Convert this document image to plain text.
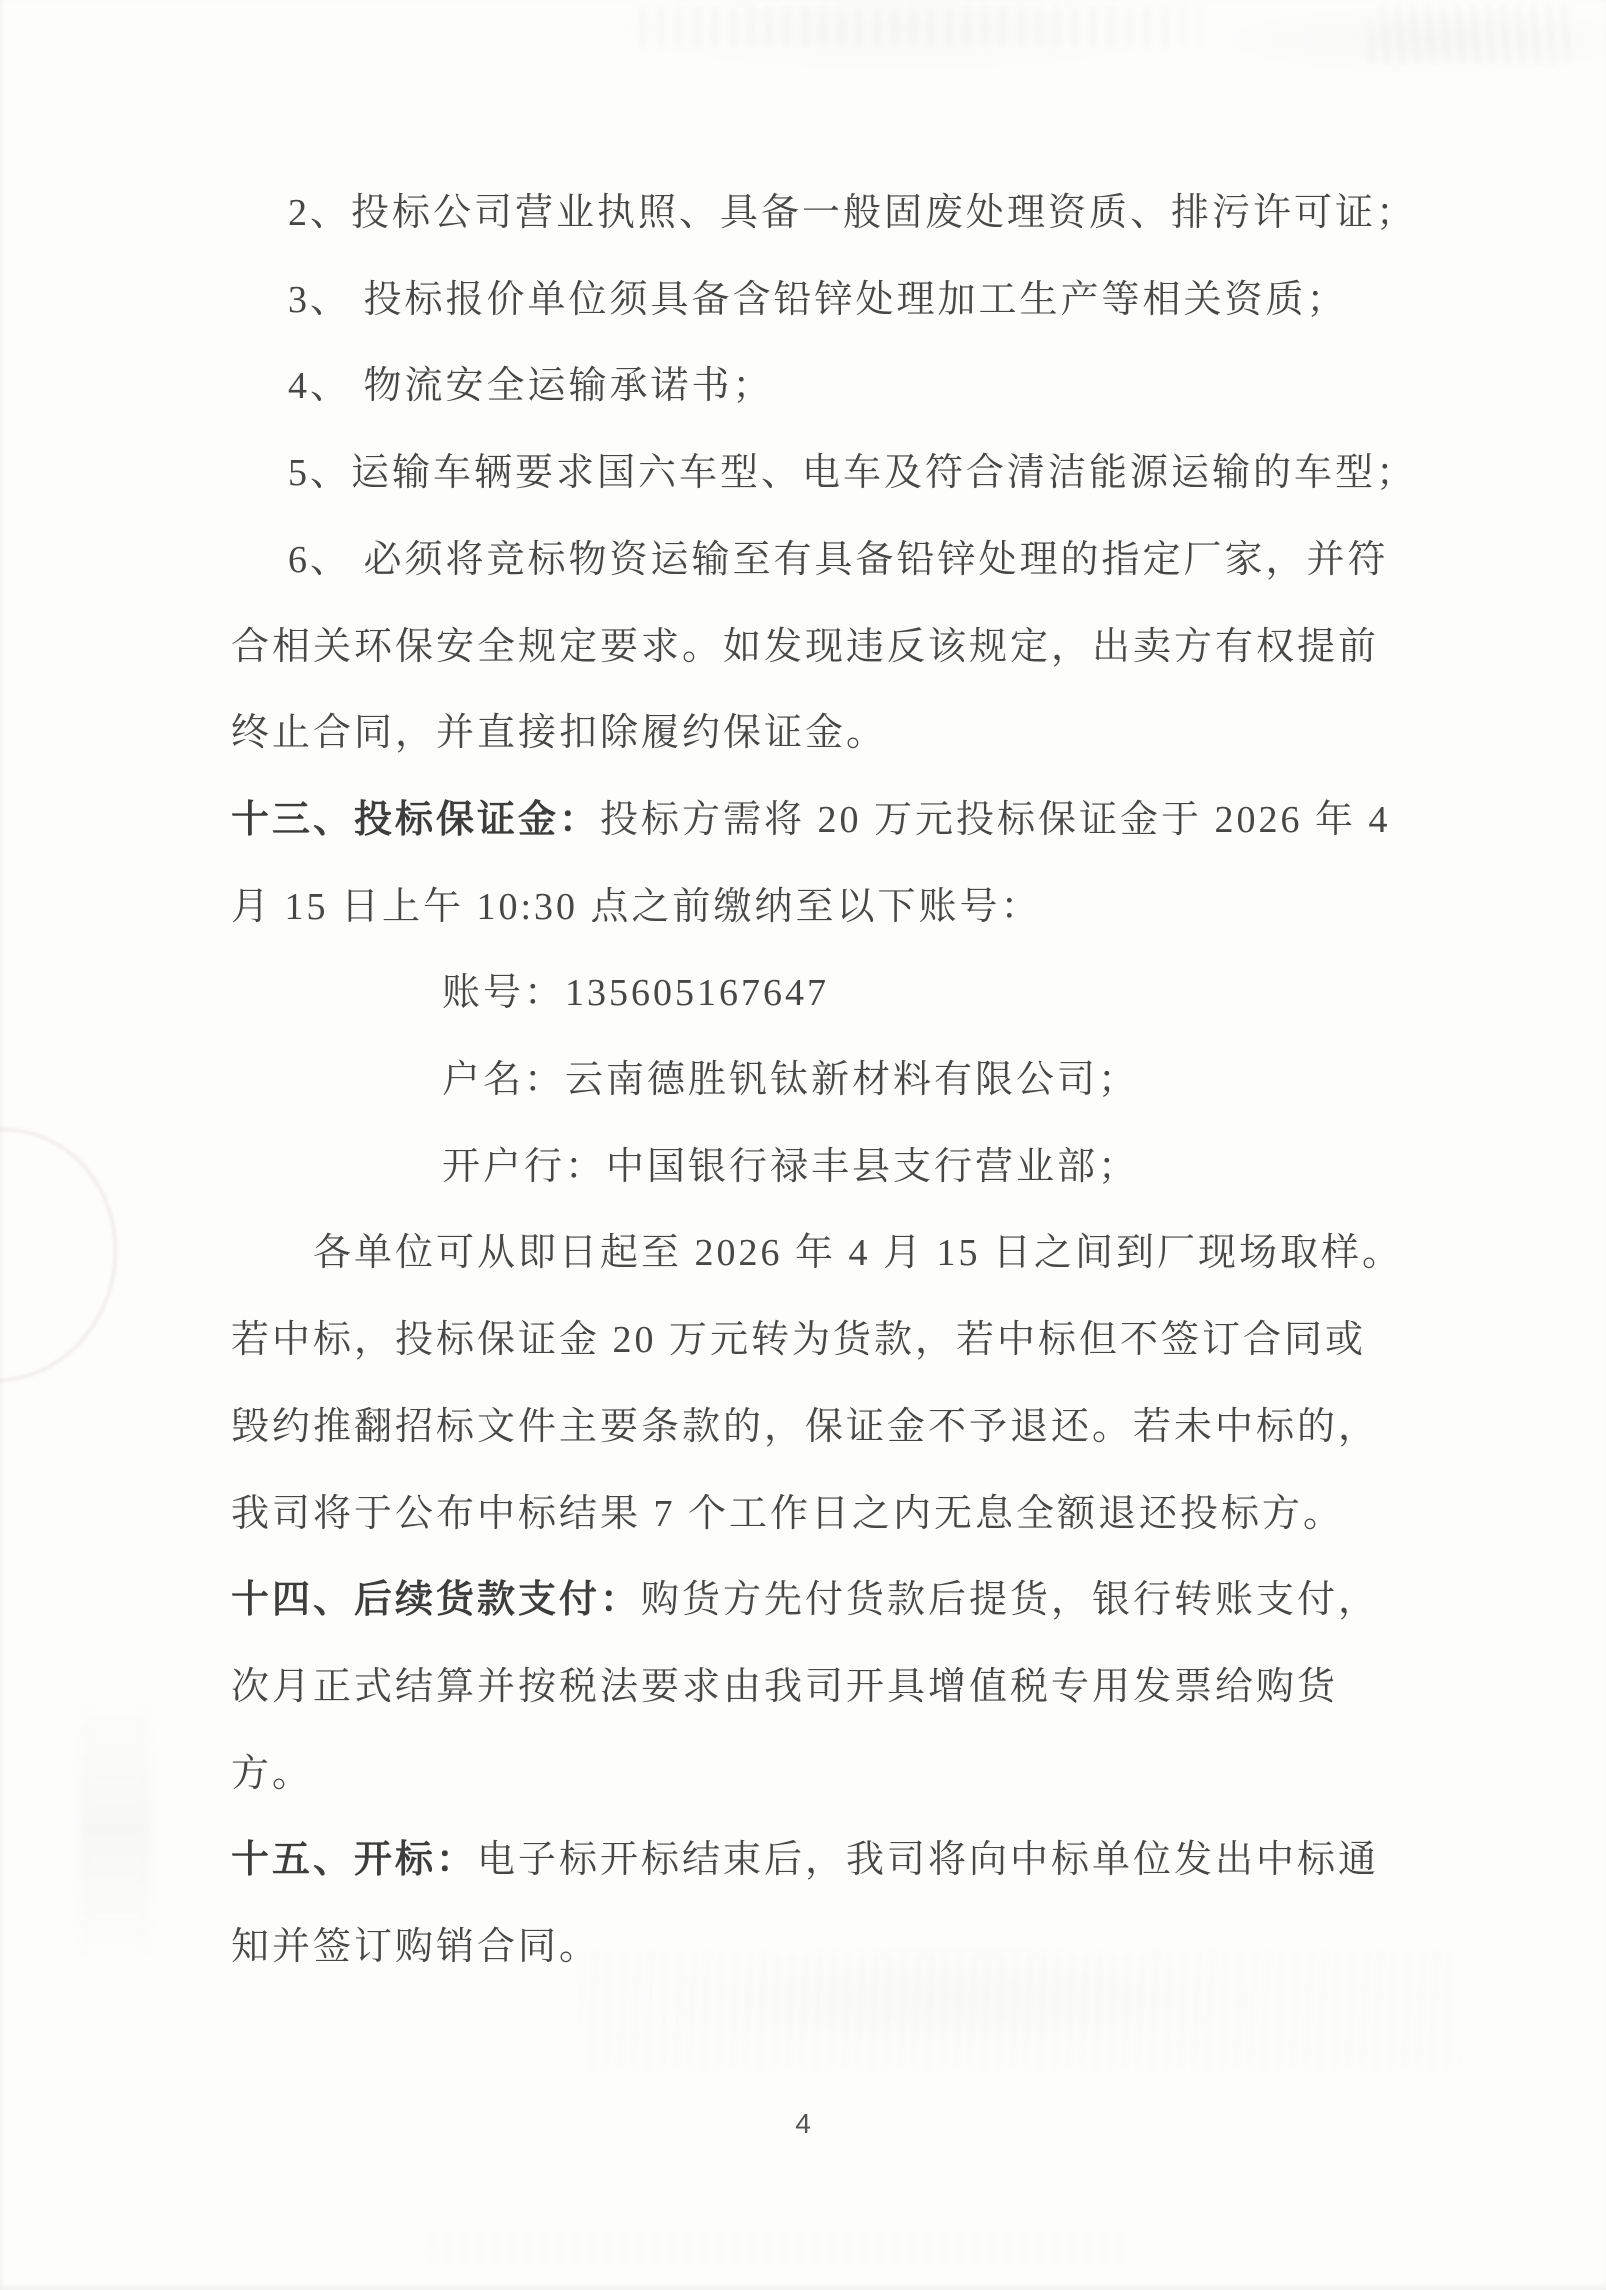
2、投标公司营业执照、具备一般固废处理资质、排污许可证；
3、 投标报价单位须具备含铅锌处理加工生产等相关资质；
4、 物流安全运输承诺书；
5、运输车辆要求国六车型、电车及符合清洁能源运输的车型；
6、 必须将竞标物资运输至有具备铅锌处理的指定厂家，并符
合相关环保安全规定要求。如发现违反该规定，出卖方有权提前
终止合同，并直接扣除履约保证金。
十三、投标保证金：投标方需将 20 万元投标保证金于 2026 年 4
月 15 日上午 10:30 点之前缴纳至以下账号：
账号：135605167647
户名：云南德胜钒钛新材料有限公司；
开户行：中国银行禄丰县支行营业部；
各单位可从即日起至 2026 年 4 月 15 日之间到厂现场取样。
若中标，投标保证金 20 万元转为货款，若中标但不签订合同或
毁约推翻招标文件主要条款的，保证金不予退还。若未中标的，
我司将于公布中标结果 7 个工作日之内无息全额退还投标方。
十四、后续货款支付：购货方先付货款后提货，银行转账支付，
次月正式结算并按税法要求由我司开具增值税专用发票给购货
方。
十五、开标：电子标开标结束后，我司将向中标单位发出中标通
知并签订购销合同。
4
